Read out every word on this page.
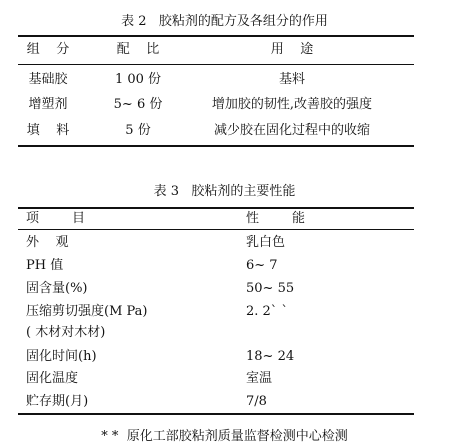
表 2   胶粘剂的配方及各组分的作用
组    分	配    比	用    途
基础胶	1 00 份	基料
增塑剂	5~ 6 份	增加胶的韧性,改善胶的强度
填    料	5 份	减少胶在固化过程中的收缩
表 3   胶粘剂的主要性能
项        目	性        能
外    观	乳白色
PH 值	6~ 7
固含量(%)	50~ 55
压缩剪切强度(M Pa)	2. 2` `
( 木材对木材)
固化时间(h)	18~ 24
固化温度	室温
贮存期(月)	7/8
* *  原化工部胶粘剂质量监督检测中心检测
